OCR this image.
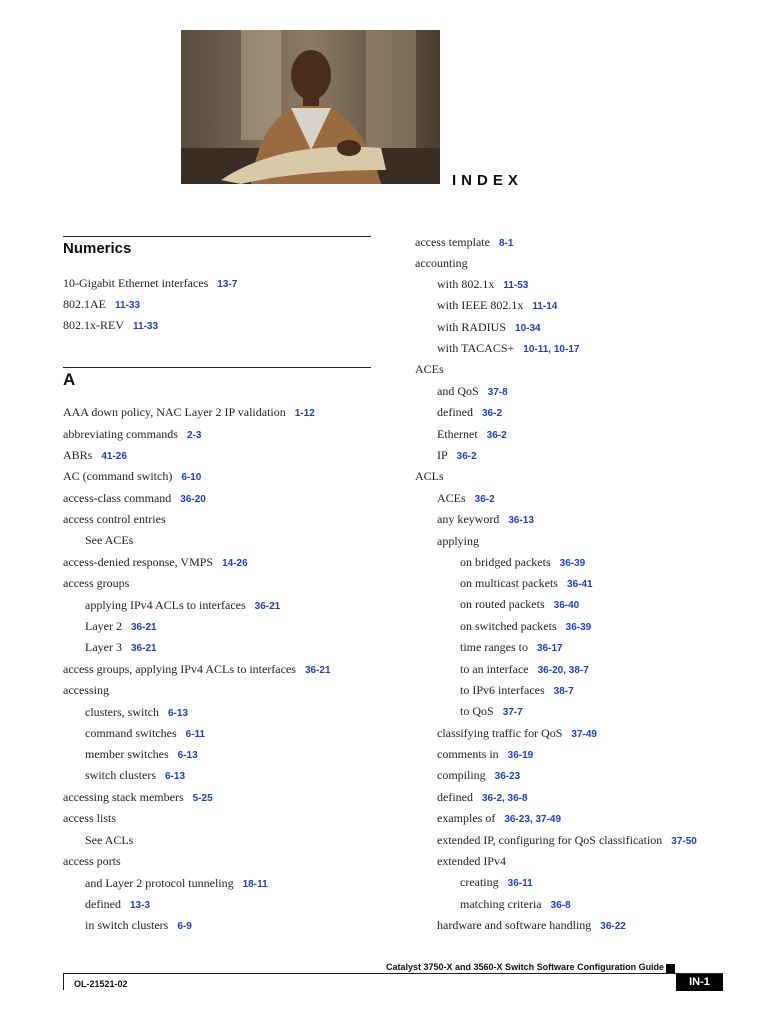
INDEX
Numerics
A
10-Gigabit Ethernet interfaces 13-7
802.1AE 11-33
802.1x-REV 11-33
AAA down policy, NAC Layer 2 IP validation 1-12
abbreviating commands 2-3
ABRs 41-26
AC (command switch) 6-10
access-class command 36-20
access control entries
See ACEs
access-denied response, VMPS 14-26
access groups
applying IPv4 ACLs to interfaces 36-21
Layer 2 36-21
Layer 3 36-21
access groups, applying IPv4 ACLs to interfaces 36-21
accessing
clusters, switch 6-13
command switches 6-11
member switches 6-13
switch clusters 6-13
accessing stack members 5-25
access lists
See ACLs
access ports
and Layer 2 protocol tunneling 18-11
defined 13-3
in switch clusters 6-9
access template 8-1
accounting
with 802.1x 11-53
with IEEE 802.1x 11-14
with RADIUS 10-34
with TACACS+ 10-11, 10-17
ACEs
and QoS 37-8
defined 36-2
Ethernet 36-2
IP 36-2
ACLs
ACEs 36-2
any keyword 36-13
applying
on bridged packets 36-39
on multicast packets 36-41
on routed packets 36-40
on switched packets 36-39
time ranges to 36-17
to an interface 36-20, 38-7
to IPv6 interfaces 38-7
to QoS 37-7
classifying traffic for QoS 37-49
comments in 36-19
compiling 36-23
defined 36-2, 36-8
examples of 36-23, 37-49
extended IP, configuring for QoS classification 37-50
extended IPv4
creating 36-11
matching criteria 36-8
hardware and software handling 36-22
Catalyst 3750-X and 3560-X Switch Software Configuration Guide
OL-21521-02	IN-1
